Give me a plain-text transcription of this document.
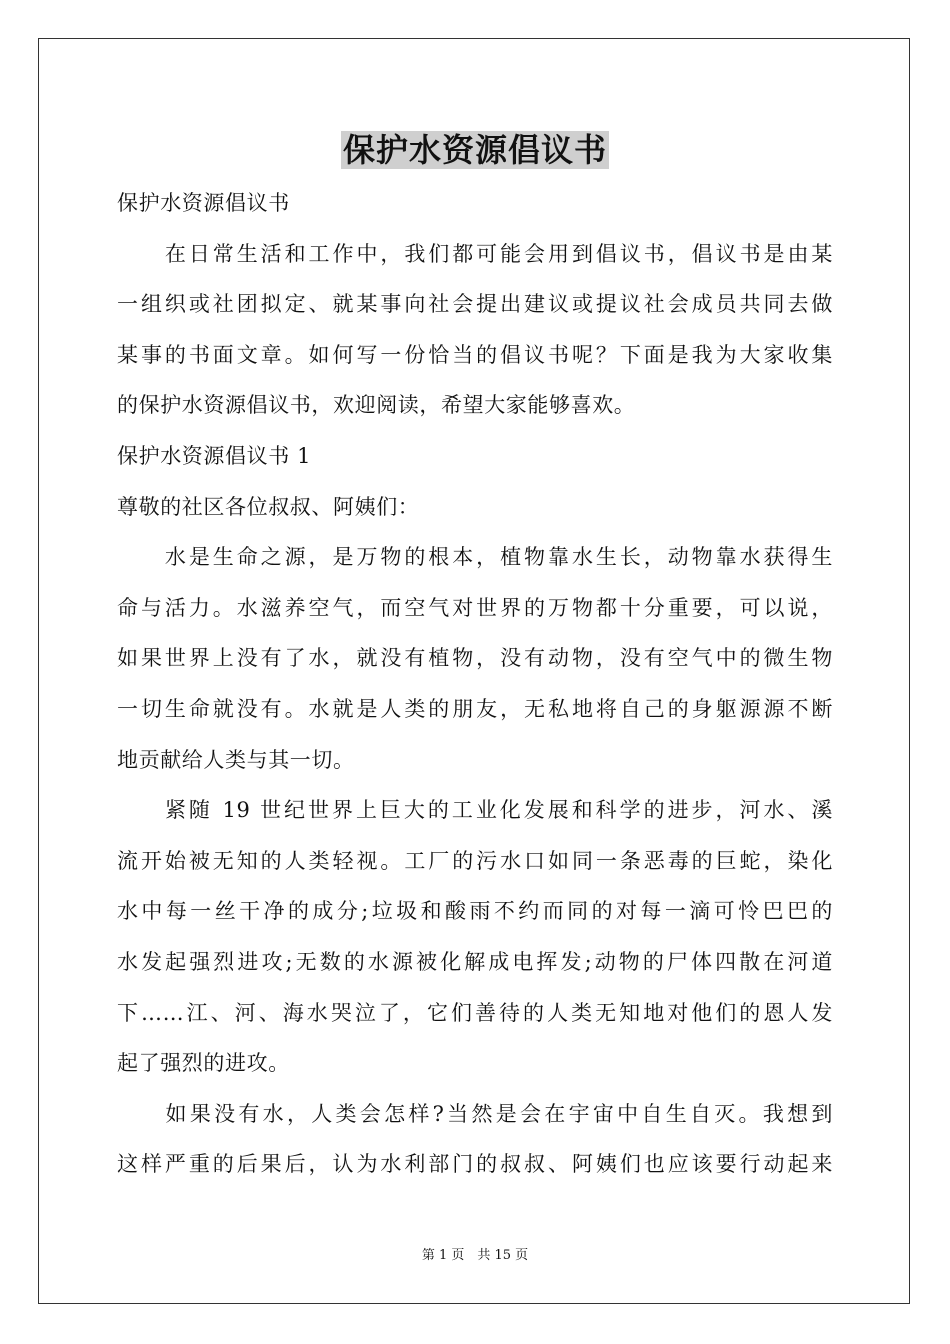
保护水资源倡议书
保护水资源倡议书
　　在日常生活和工作中，我们都可能会用到倡议书，倡议书是由某
一组织或社团拟定、就某事向社会提出建议或提议社会成员共同去做
某事的书面文章。如何写一份恰当的倡议书呢？下面是我为大家收集
的保护水资源倡议书，欢迎阅读，希望大家能够喜欢。
保护水资源倡议书 1
尊敬的社区各位叔叔、阿姨们：
　　水是生命之源，是万物的根本，植物靠水生长，动物靠水获得生
命与活力。水滋养空气，而空气对世界的万物都十分重要，可以说，
如果世界上没有了水，就没有植物，没有动物，没有空气中的微生物
一切生命就没有。水就是人类的朋友，无私地将自己的身躯源源不断
地贡献给人类与其一切。
　　紧随 19 世纪世界上巨大的工业化发展和科学的进步，河水、溪
流开始被无知的人类轻视。工厂的污水口如同一条恶毒的巨蛇，染化
水中每一丝干净的成分;垃圾和酸雨不约而同的对每一滴可怜巴巴的
水发起强烈进攻;无数的水源被化解成电挥发;动物的尸体四散在河道
下……江、河、海水哭泣了，它们善待的人类无知地对他们的恩人发
起了强烈的进攻。
　　如果没有水，人类会怎样?当然是会在宇宙中自生自灭。我想到
这样严重的后果后，认为水利部门的叔叔、阿姨们也应该要行动起来
第 1 页　共 15 页
